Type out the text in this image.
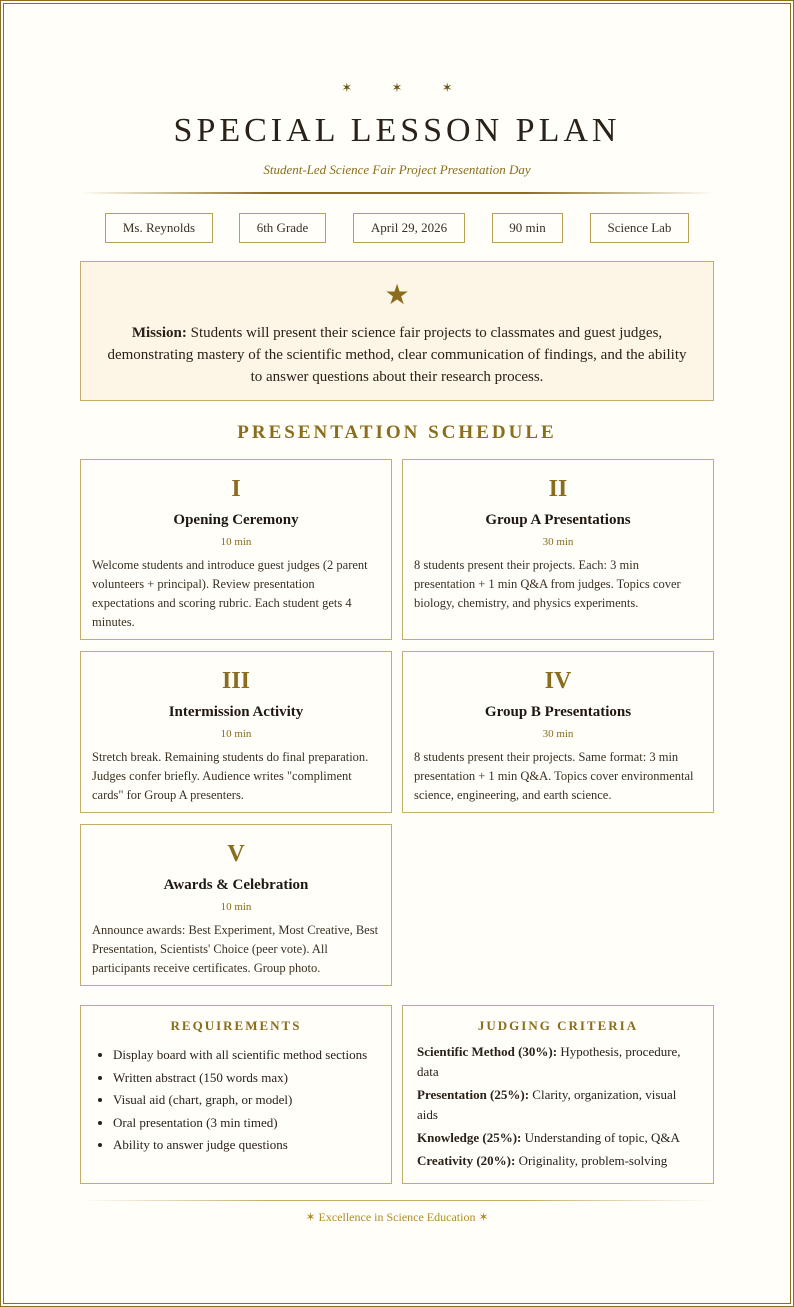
✶ ✶ ✶
SPECIAL LESSON PLAN
Student-Led Science Fair Project Presentation Day
Ms. Reynolds	6th Grade	April 29, 2026	90 min	Science Lab
★

Mission: Students will present their science fair projects to classmates and guest judges, demonstrating mastery of the scientific method, clear communication of findings, and the ability to answer questions about their research process.

PRESENTATION SCHEDULE
I
Opening Ceremony
10 min

Welcome students and introduce guest judges (2 parent volunteers + principal). Review presentation expectations and scoring rubric. Each student gets 4 minutes.

II
Group A Presentations
30 min

8 students present their projects. Each: 3 min presentation + 1 min Q&A from judges. Topics cover biology, chemistry, and physics experiments.

III
Intermission Activity
10 min

Stretch break. Remaining students do final preparation. Judges confer briefly. Audience writes "compliment cards" for Group A presenters.

IV
Group B Presentations
30 min

8 students present their projects. Same format: 3 min presentation + 1 min Q&A. Topics cover environmental science, engineering, and earth science.

V
Awards & Celebration
10 min

Announce awards: Best Experiment, Most Creative, Best Presentation, Scientists' Choice (peer vote). All participants receive certificates. Group photo.

REQUIREMENTS
• Display board with all scientific method sections
• Written abstract (150 words max)
• Visual aid (chart, graph, or model)
• Oral presentation (3 min timed)
• Ability to answer judge questions
JUDGING CRITERIA
Scientific Method (30%): Hypothesis, procedure, data
Presentation (25%): Clarity, organization, visual aids
Knowledge (25%): Understanding of topic, Q&A
Creativity (20%): Originality, problem-solving
✶ Excellence in Science Education ✶
